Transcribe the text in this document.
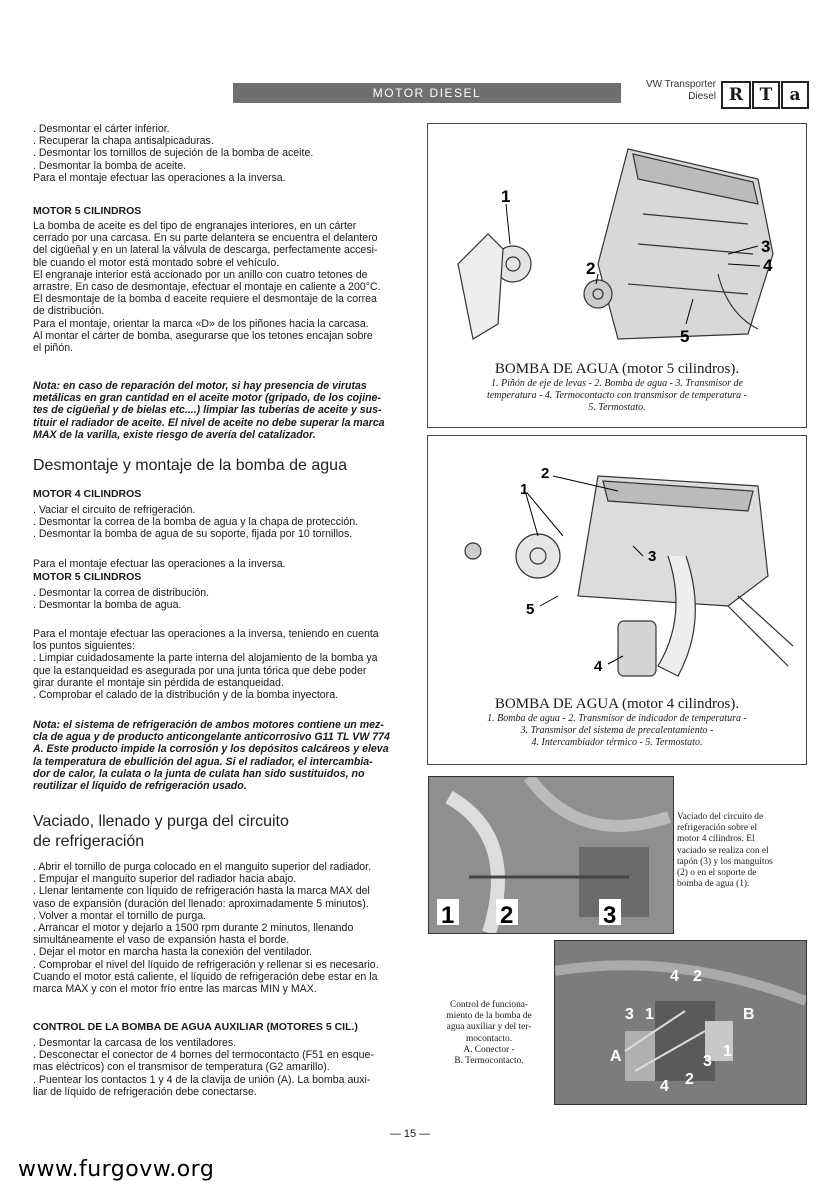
MOTOR DIESEL
VW Transporter
Diesel R T	a

. Desmontar el cárter inferior.

. Recuperar la chapa antisalpicaduras.

. Desmontar los tornillos de sujeción de la bomba de aceite.

. Desmontar la bomba de aceite.

Para el montaje efectuar las operaciones a la inversa.

MOTOR 5 CILINDROS

La bomba de aceite es del tipo de engranajes interiores, en un cárter

cerrado por una carcasa. En su parte delantera se encuentra el delantero

del cigüeñal y en un lateral la válvula de descarga, perfectamente accesi-

ble cuando el motor está montado sobre el vehículo.

El engranaje interior está accionado por un anillo con cuatro tetones de

arrastre. En caso de desmontaje, efectuar el montaje en caliente a 200°C.

El desmontaje de la bomba d eaceite requiere el desmontaje de la correa

de distribución.

Para el montaje, orientar la marca «D» de los piñones hacia la carcasa.

Al montar el cárter de bomba, asegurarse que los tetones encajan sobre

el piñón.

Nota: en caso de reparación del motor, si hay presencia de virutas
metálicas en gran cantidad en el aceite motor (gripado, de los cojine-
tes de cigüeñal y de bielas etc....) limpiar las tuberías de aceite y sus-
tituir el radiador de aceite. El nivel de aceite no debe superar la marca
MAX de la varilla, existe riesgo de avería del catalizador.
Desmontaje y montaje de la bomba de agua
MOTOR 4 CILINDROS

. Vaciar el circuito de refrigeración.

. Desmontar la correa de la bomba de agua y la chapa de protección.

. Desmontar la bomba de agua de su soporte, fijada por 10 tornillos.

Para el montaje efectuar las operaciones a la inversa.
MOTOR 5 CILINDROS

. Desmontar la correa de distribución.

. Desmontar la bomba de agua.

Para el montaje efectuar las operaciones a la inversa, teniendo en cuenta

los puntos siguientes:

. Limpiar cuidadosamente la parte interna del alojamiento de la bomba ya

que la estanqueidad es asegurada por una junta tórica que debe poder

girar durante el montaje sin pérdida de estanqueidad.

. Comprobar el calado de la distribución y de la bomba inyectora.

Nota: el sistema de refrigeración de ambos motores contiene un mez-
cla de agua y de producto anticongelante anticorrosivo G11 TL VW 774
A. Este producto impide la corrosión y los depósitos calcáreos y eleva
la temperatura de ebullición del agua. Si el radiador, el intercambia-
dor de calor, la culata o la junta de culata han sido sustituidos, no
reutilizar el líquido de refrigeración usado.
Vaciado, llenado y purga del circuito
de refrigeración

. Abrir el tornillo de purga colocado en el manguito superior del radiador.

. Empujar el manguito superior del radiador hacia abajo.

. Llenar lentamente con líquido de refrigeración hasta la marca MAX del

vaso de expansión (duración del llenado: aproximadamente 5 minutos).

. Volver a montar el tornillo de purga.

. Arrancar el motor y dejarlo a 1500 rpm durante 2 minutos, llenando

simultáneamente el vaso de expansión hasta el borde.

. Dejar el motor en marcha hasta la conexión del ventilador.

. Comprobar el nivel del líquido de refrigeración y rellenar si es necesario.

Cuando el motor está caliente, el líquido de refrigeración debe estar en la

marca MAX y con el motor frío entre las marcas MIN y MAX.

CONTROL DE LA BOMBA DE AGUA AUXILIAR (MOTORES 5 CIL.)

. Desmontar la carcasa de los ventiladores.

. Desconectar el conector de 4 bornes del termocontacto (F51 en esque-

mas eléctricos) con el transmisor de temperatura (G2 amarillo).

. Puentear los contactos 1 y 4 de la clavija de unión (A). La bomba auxi-

liar de líquido de refrigeración debe conectarse.

1
2
3
4
5
BOMBA DE AGUA (motor 5 cilindros).
1. Piñón de eje de levas - 2. Bomba de agua - 3. Transmisor de
temperatura - 4. Termocontacto con transmisor de temperatura -
5. Termostato.
2
1
3
5
4
BOMBA DE AGUA (motor 4 cilindros).
1. Bomba de agua - 2. Transmisor de indicador de temperatura -
3. Transmisor del sistema de precalentamiento -
4. Intercambiador térmico - 5. Termostato.
1 2	3
Vaciado del circuito de
refrigeración sobre el
motor 4 cilindros. El
vaciado se realiza con el
tapón (3) y los manguitos
(2) o en el soporte de
bomba de agua (1).
4 2
3 1	B
A	3
1
4 2
Control de funciona-
miento de la bomba de
agua auxiliar y del ter-
mocontacto.
A. Conector -
B. Termocontacto.
— 15 —
www.furgovw.org
